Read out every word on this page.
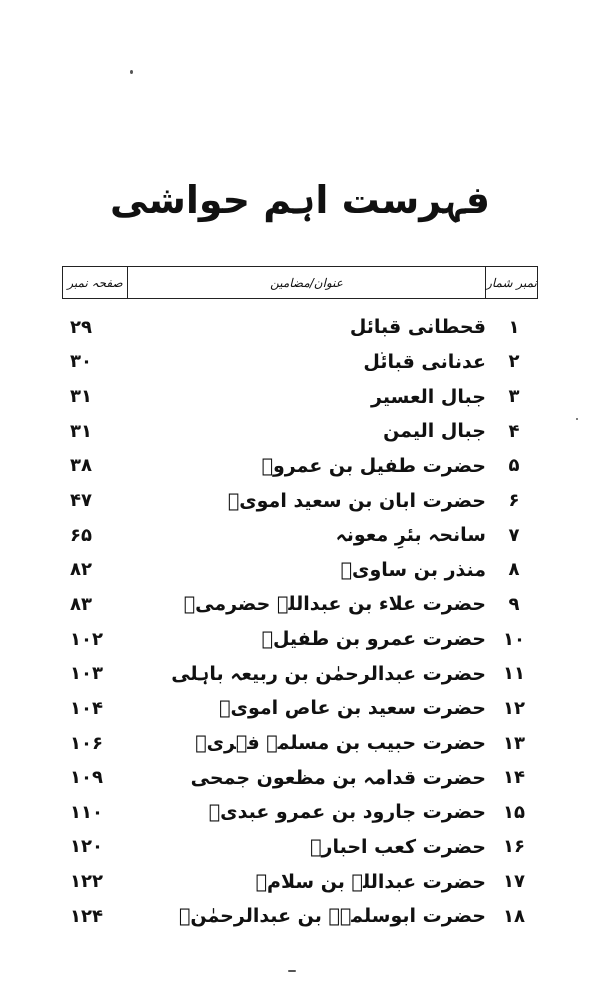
فہرست اہم حواشی
نمبر شمار
عنوان/مضامین
صفحہ نمبر
۱
قحطانی قبائل
۲۹
۲
عدنانی قبائل
۳۰
۳
جبال العسیر
۳۱
۴
جبال الیمن
۳۱
۵
حضرت طفیل بن عمروؓ
۳۸
۶
حضرت ابان بن سعید امویؓ
۴۷
۷
سانحہ بئرِ معونہ
۶۵
۸
منذر بن ساویؓ
۸۲
۹
حضرت علاء بن عبداللہ حضرمیؓ
۸۳
۱۰
حضرت عمرو بن طفیلؓ
۱۰۲
۱۱
حضرت عبدالرحمٰن بن ربیعہ باہلی
۱۰۳
۱۲
حضرت سعید بن عاص امویؓ
۱۰۴
۱۳
حضرت حبیب بن مسلمہ فہریؓ
۱۰۶
۱۴
حضرت قدامہ بن مظعون جمحی
۱۰۹
۱۵
حضرت جارود بن عمرو عبدیؓ
۱۱۰
۱۶
حضرت کعب احبارؒ
۱۲۰
۱۷
حضرت عبداللہ بن سلامؓ
۱۲۲
۱۸
حضرت ابوسلمہؓ بن عبدالرحمٰنؓ
۱۲۴
